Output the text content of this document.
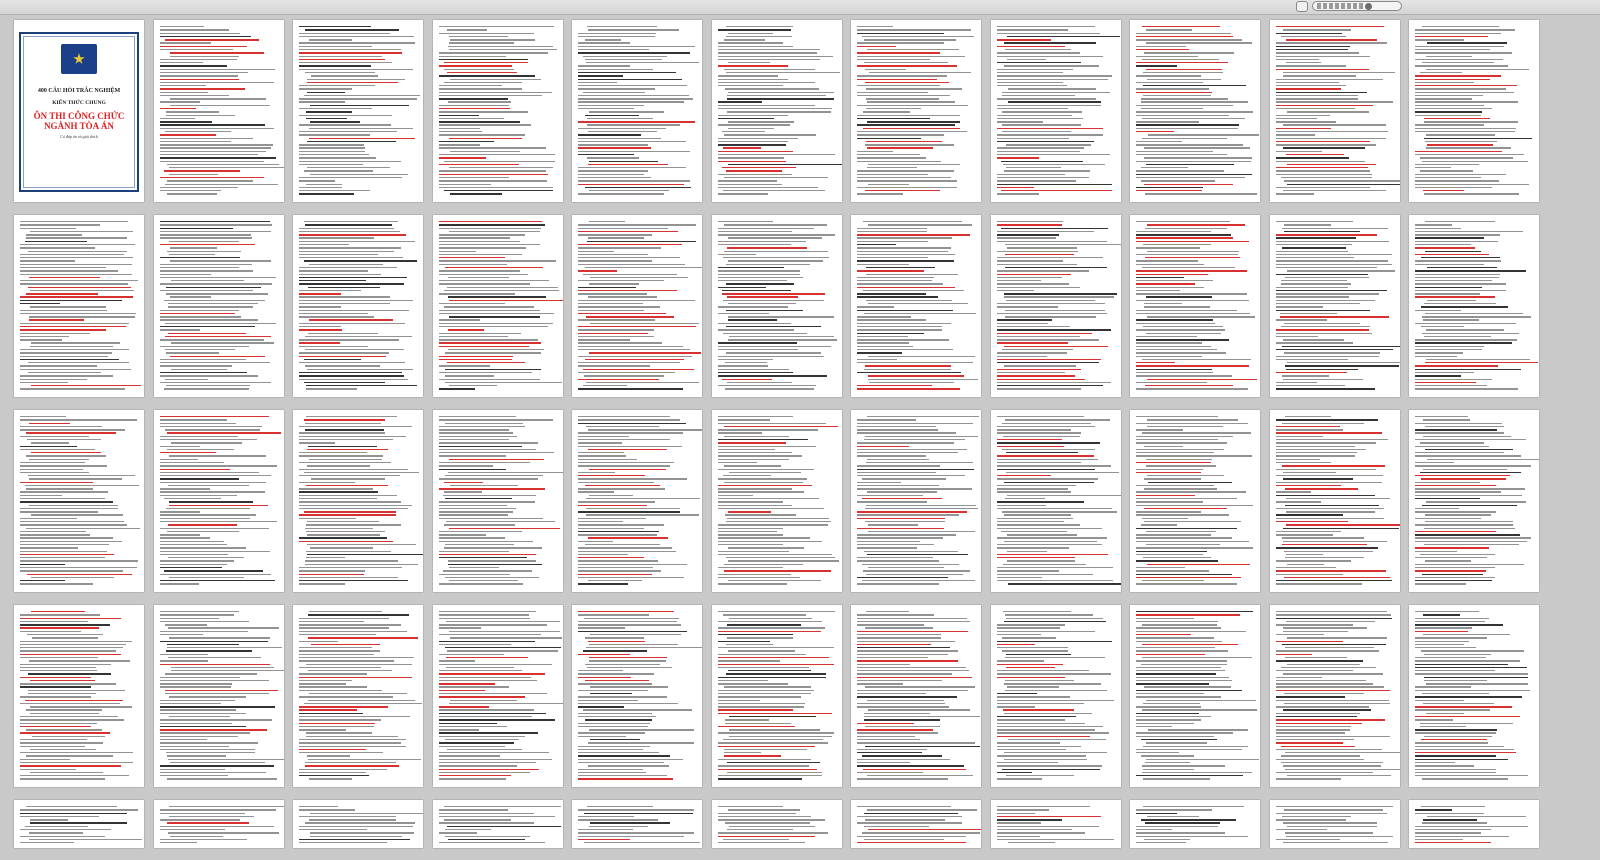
400 CÂU HỎI TRẮC NGHIỆM
KIẾN THỨC CHUNG
ÔN THI CÔNG CHỨC
NGÀNH TÒA ÁN
Có đáp án và giải thích
